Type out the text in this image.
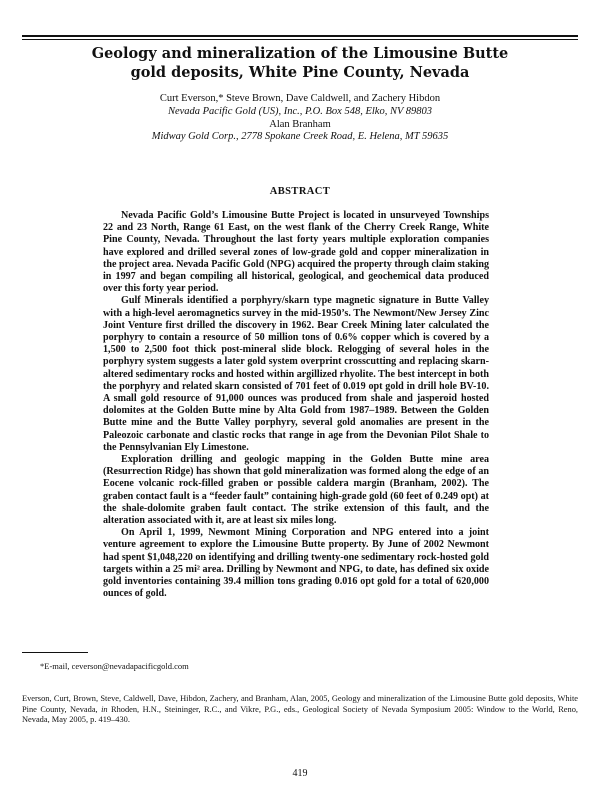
Geology and mineralization of the Limousine Butte
gold deposits, White Pine County, Nevada
Curt Everson,* Steve Brown, Dave Caldwell, and Zachery Hibdon
Nevada Pacific Gold (US), Inc., P.O. Box 548, Elko, NV 89803
Alan Branham
Midway Gold Corp., 2778 Spokane Creek Road, E. Helena, MT 59635
ABSTRACT

Nevada Pacific Gold’s Limousine Butte Project is located in unsurveyed Townships 22 and 23 North, Range 61 East, on the west flank of the Cherry Creek Range, White Pine County, Nevada. Throughout the last forty years multiple exploration companies have explored and drilled several zones of low-grade gold and copper mineralization in the project area. Nevada Pacific Gold (NPG) acquired the property through claim staking in 1997 and began compiling all historical, geological, and geochemical data produced over this forty year period.

Gulf Minerals identified a porphyry/skarn type magnetic signature in Butte Valley with a high-level aeromagnetics survey in the mid-1950’s. The Newmont/New Jersey Zinc Joint Venture first drilled the discovery in 1962. Bear Creek Mining later calculated the porphyry to contain a resource of 50 million tons of 0.6% copper which is covered by a 1,500 to 2,500 foot thick post-mineral slide block. Relogging of several holes in the porphyry system suggests a later gold system overprint crosscutting and replacing skarn-altered sedimentary rocks and hosted within argillized rhyolite. The best intercept in both the porphyry and related skarn consisted of 701 feet of 0.019 opt gold in drill hole BV-10. A small gold resource of 91,000 ounces was produced from shale and jasperoid hosted dolomites at the Golden Butte mine by Alta Gold from 1987–1989. Between the Golden Butte mine and the Butte Valley porphyry, several gold anomalies are present in the Paleozoic carbonate and clastic rocks that range in age from the Devonian Pilot Shale to the Pennsylvanian Ely Limestone.

Exploration drilling and geologic mapping in the Golden Butte mine area (Resurrection Ridge) has shown that gold mineralization was formed along the edge of an Eocene volcanic rock-filled graben or possible caldera margin (Branham, 2002). The graben contact fault is a “feeder fault” containing high-grade gold (60 feet of 0.249 opt) at the shale-dolomite graben fault contact. The strike extension of this fault, and the alteration associated with it, are at least six miles long.

On April 1, 1999, Newmont Mining Corporation and NPG entered into a joint venture agreement to explore the Limousine Butte property. By June of 2002 Newmont had spent $1,048,220 on identifying and drilling twenty-one sedimentary rock-hosted gold targets within a 25 mi² area. Drilling by Newmont and NPG, to date, has defined six oxide gold inventories containing 39.4 million tons grading 0.016 opt gold for a total of 620,000 ounces of gold.

*E-mail, ceverson@nevadapacificgold.com
Everson, Curt, Brown, Steve, Caldwell, Dave, Hibdon, Zachery, and Branham, Alan, 2005, Geology and mineralization of the Limousine Butte gold deposits, White Pine County, Nevada, in Rhoden, H.N., Steininger, R.C., and Vikre, P.G., eds., Geological Society of Nevada Symposium 2005: Window to the World, Reno, Nevada, May 2005, p. 419–430.
419
